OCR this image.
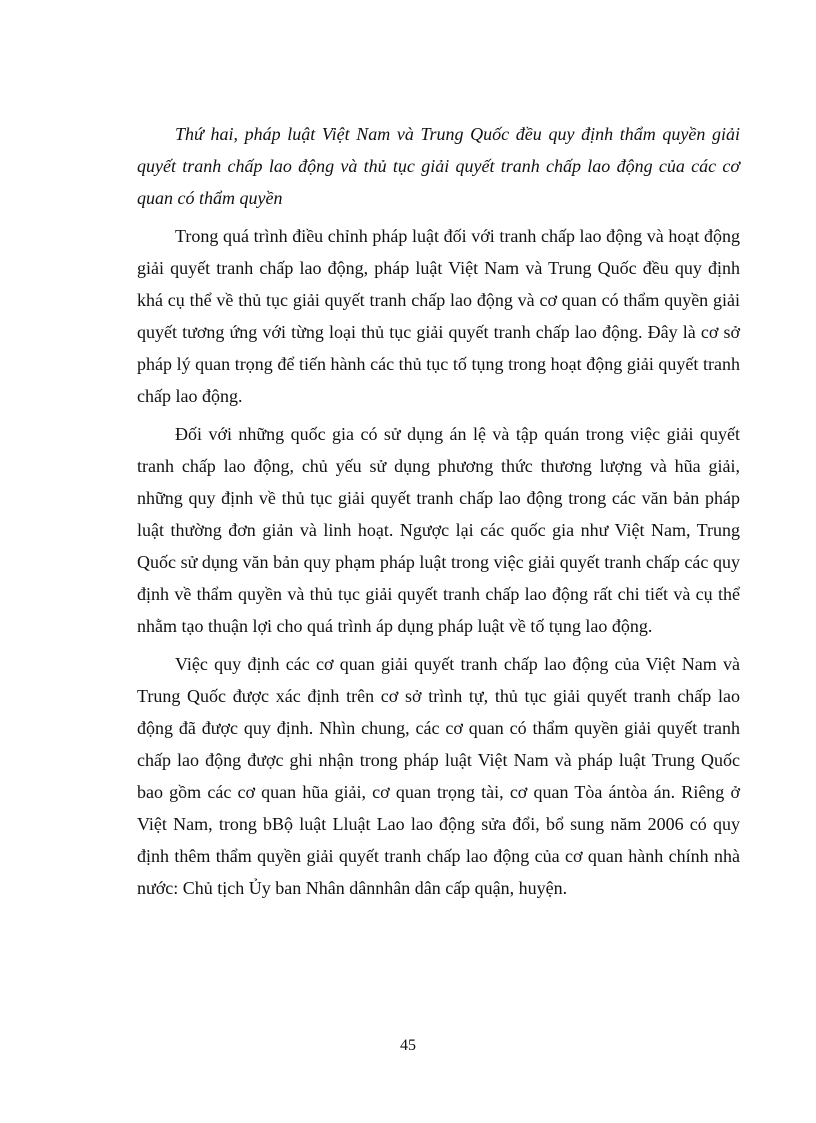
Thứ hai, pháp luật Việt Nam và Trung Quốc đều quy định thẩm quyền giải quyết tranh chấp lao động và thủ tục giải quyết tranh chấp lao động của các cơ quan có thẩm quyền

Trong quá trình điều chỉnh pháp luật đối với tranh chấp lao động và hoạt động giải quyết tranh chấp lao động, pháp luật Việt Nam và Trung Quốc đều quy định khá cụ thể về thủ tục giải quyết tranh chấp lao động và cơ quan có thẩm quyền giải quyết tương ứng với từng loại thủ tục giải quyết tranh chấp lao động. Đây là cơ sở pháp lý quan trọng để tiến hành các thủ tục tố tụng trong hoạt động giải quyết tranh chấp lao động.

Đối với những quốc gia có sử dụng án lệ và tập quán trong việc giải quyết tranh chấp lao động, chủ yếu sử dụng phương thức thương lượng và hũa giải, những quy định về thủ tục giải quyết tranh chấp lao động trong các văn bản pháp luật thường đơn giản và linh hoạt. Ngược lại các quốc gia như Việt Nam, Trung Quốc sử dụng văn bản quy phạm pháp luật trong việc giải quyết tranh chấp các quy định về thẩm quyền và thủ tục giải quyết tranh chấp lao động rất chi tiết và cụ thể nhằm tạo thuận lợi cho quá trình áp dụng pháp luật về tố tụng lao động.

Việc quy định các cơ quan giải quyết tranh chấp lao động của Việt Nam và Trung Quốc được xác định trên cơ sở trình tự, thủ tục giải quyết tranh chấp lao động đã được quy định. Nhìn chung, các cơ quan có thẩm quyền giải quyết tranh chấp lao động được ghi nhận trong pháp luật Việt Nam và pháp luật Trung Quốc bao gồm các cơ quan hũa giải, cơ quan trọng tài, cơ quan Tòa ántòa án. Riêng ở Việt Nam, trong bBộ luật Lluật Lao lao động sửa đổi, bổ sung năm 2006 có quy định thêm thẩm quyền giải quyết tranh chấp lao động của cơ quan hành chính nhà nước: Chủ tịch Ủy ban Nhân dânnhân dân cấp quận, huyện.

45
